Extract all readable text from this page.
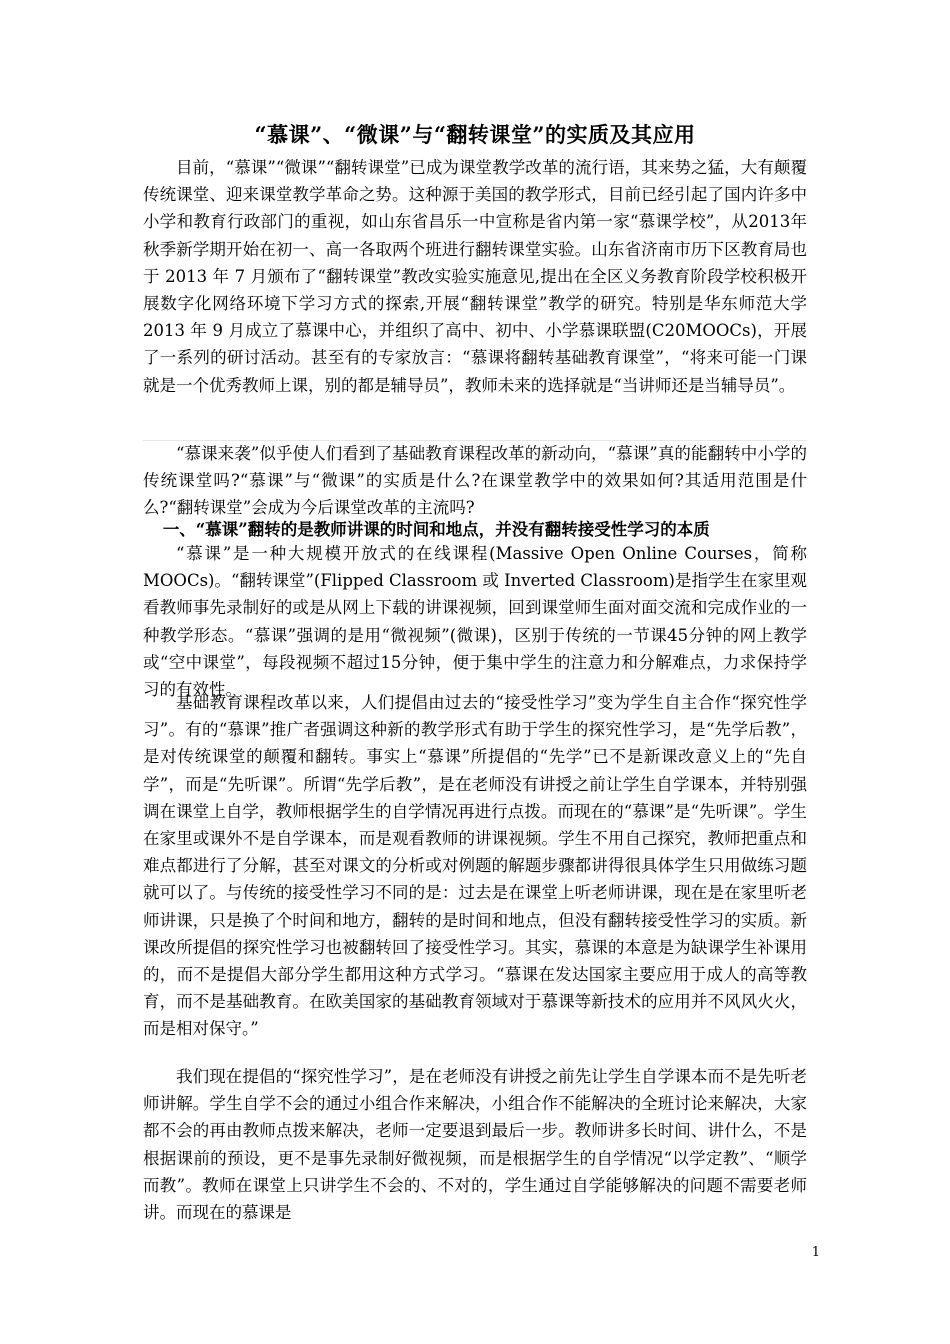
“慕课”、“微课”与“翻转课堂”的实质及其应用

目前，“慕课”“微课”“翻转课堂”已成为课堂教学改革的流行语，其来势之猛，大有颠覆传统课堂、迎来课堂教学革命之势。这种源于美国的教学形式，目前已经引起了国内许多中小学和教育行政部门的重视，如山东省昌乐一中宣称是省内第一家“慕课学校”，从2013年秋季新学期开始在初一、高一各取两个班进行翻转课堂实验。山东省济南市历下区教育局也于 2013 年 7 月颁布了“翻转课堂”教改实验实施意见,提出在全区义务教育阶段学校积极开展数字化网络环境下学习方式的探索,开展“翻转课堂”教学的研究。特别是华东师范大学 2013 年 9 月成立了慕课中心，并组织了高中、初中、小学慕课联盟(C20MOOCs)，开展了一系列的研讨活动。甚至有的专家放言：“慕课将翻转基础教育课堂”，“将来可能一门课就是一个优秀教师上课，别的都是辅导员”，教师未来的选择就是“当讲师还是当辅导员”。

“慕课来袭”似乎使人们看到了基础教育课程改革的新动向，“慕课”真的能翻转中小学的传统课堂吗?“慕课”与“微课”的实质是什么?在课堂教学中的效果如何?其适用范围是什么?“翻转课堂”会成为今后课堂改革的主流吗?

一、“慕课”翻转的是教师讲课的时间和地点，并没有翻转接受性学习的本质

“慕课”是一种大规模开放式的在线课程(Massive Open Online Courses，简称 MOOCs)。“翻转课堂”(Flipped Classroom 或 Inverted Classroom)是指学生在家里观看教师事先录制好的或是从网上下载的讲课视频，回到课堂师生面对面交流和完成作业的一种教学形态。“慕课”强调的是用“微视频”(微课)，区别于传统的一节课45分钟的网上教学或“空中课堂”，每段视频不超过15分钟，便于集中学生的注意力和分解难点，力求保持学习的有效性。

基础教育课程改革以来，人们提倡由过去的“接受性学习”变为学生自主合作“探究性学习”。有的“慕课”推广者强调这种新的教学形式有助于学生的探究性学习，是“先学后教”，是对传统课堂的颠覆和翻转。事实上“慕课”所提倡的“先学”已不是新课改意义上的“先自学”，而是“先听课”。所谓“先学后教”，是在老师没有讲授之前让学生自学课本，并特别强调在课堂上自学，教师根据学生的自学情况再进行点拨。而现在的“慕课”是“先听课”。学生在家里或课外不是自学课本，而是观看教师的讲课视频。学生不用自己探究，教师把重点和难点都进行了分解，甚至对课文的分析或对例题的解题步骤都讲得很具体学生只用做练习题就可以了。与传统的接受性学习不同的是：过去是在课堂上听老师讲课，现在是在家里听老师讲课，只是换了个时间和地方，翻转的是时间和地点，但没有翻转接受性学习的实质。新课改所提倡的探究性学习也被翻转回了接受性学习。其实，慕课的本意是为缺课学生补课用的，而不是提倡大部分学生都用这种方式学习。“慕课在发达国家主要应用于成人的高等教育，而不是基础教育。在欧美国家的基础教育领域对于慕课等新技术的应用并不风风火火，而是相对保守。”

我们现在提倡的“探究性学习”，是在老师没有讲授之前先让学生自学课本而不是先听老师讲解。学生自学不会的通过小组合作来解决，小组合作不能解决的全班讨论来解决，大家都不会的再由教师点拨来解决，老师一定要退到最后一步。教师讲多长时间、讲什么，不是根据课前的预设，更不是事先录制好微视频，而是根据学生的自学情况“以学定教”、“顺学而教”。教师在课堂上只讲学生不会的、不对的，学生通过自学能够解决的问题不需要老师讲。而现在的慕课是

1
